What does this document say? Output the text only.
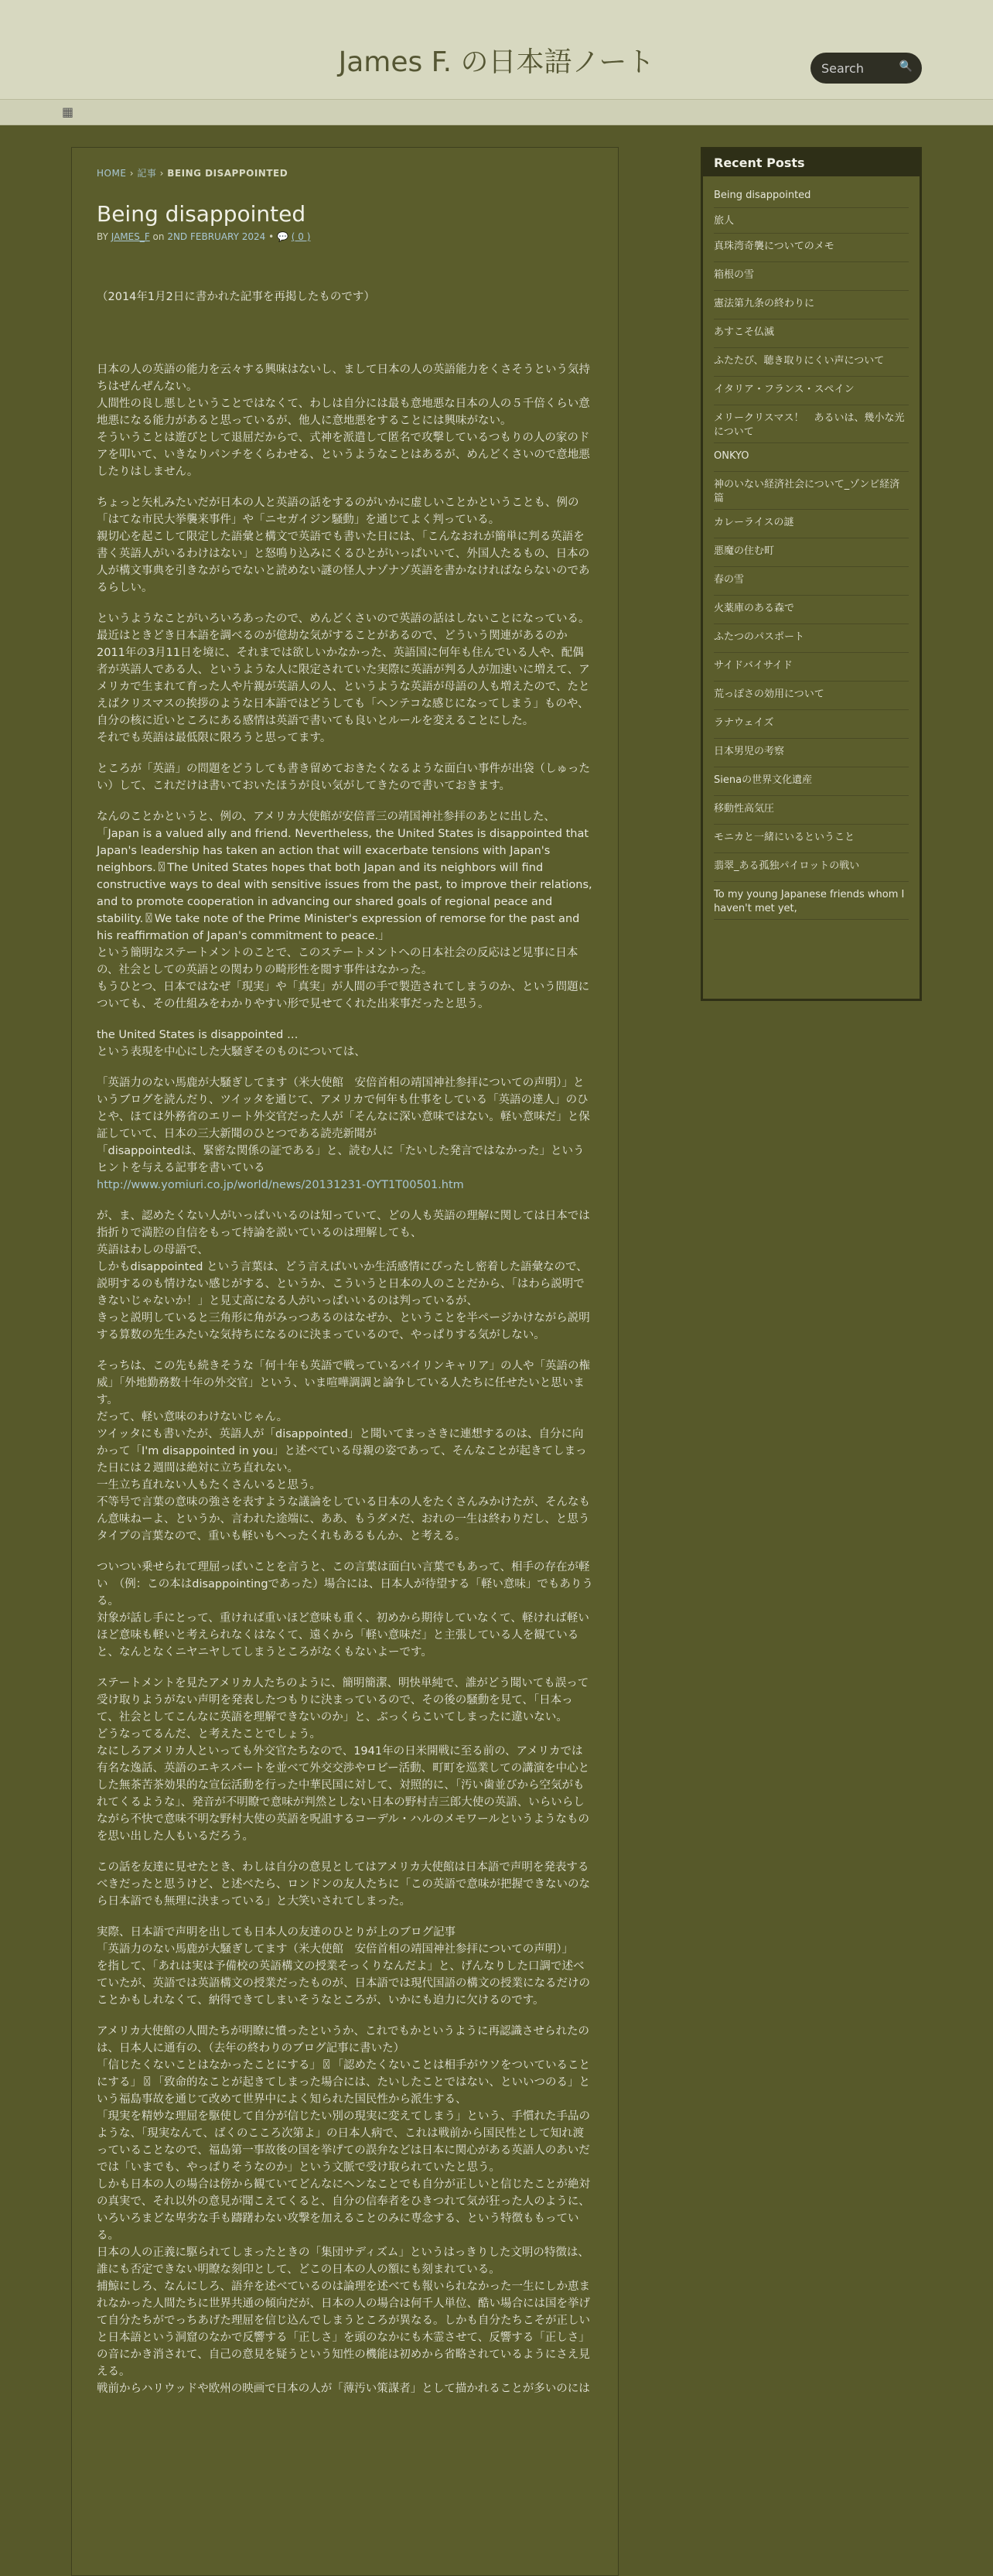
James F. の日本語ノート
Search	🔍
▦
HOME › 記事 › BEING DISAPPOINTED
Being disappointed
BY JAMES_F on 2ND FEBRUARY 2024 • 💬 ( 0 )

（2014年1月2日に書かれた記事を再掲したものです）

日本の人の英語の能力を云々する興味はないし、まして日本の人の英語能力をくさそうという気持ちはぜんぜんない。
人間性の良し悪しということではなくて、わしは自分には最も意地悪な日本の人の５千倍くらい意地悪になる能力があると思っているが、他人に意地悪をすることには興味がない。
そういうことは遊びとして退屈だからで、式神を派遣して匿名で攻撃しているつもりの人の家のドアを叩いて、いきなりパンチをくらわせる、というようなことはあるが、めんどくさいので意地悪したりはしません。

ちょっと矢札みたいだが日本の人と英語の話をするのがいかに虚しいことかということも、例の「はてな市民大挙襲来事件」や「ニセガイジン騒動」を通じてよく判っている。
親切心を起こして限定した語彙と構文で英語でも書いた日には、「こんなおれが簡単に判る英語を書く英語人がいるわけはない」と怒鳴り込みにくるひとがいっぱいいて、外国人たるもの、日本の人が構文事典を引きながらでないと読めない謎の怪人ナゾナゾ英語を書かなければならないのであるらしい。

というようなことがいろいろあったので、めんどくさいので英語の話はしないことになっている。
最近はときどき日本語を調べるのが億劫な気がすることがあるので、どういう関連があるのか2011年の3月11日を境に、それまでは欲しいかなかった、英語国に何年も住んでいる人や、配偶者が英語人である人、というような人に限定されていた実際に英語が判る人が加速いに増えて、アメリカで生まれて育った人や片親が英語人の人、というような英語が母語の人も増えたので、たとえばクリスマスの挨拶のような日本語ではどうしても「ヘンテコな感じになってしまう」ものや、自分の核に近いところにある感情は英語で書いても良いとルールを変えることにした。
それでも英語は最低限に限ろうと思ってます。

ところが「英語」の問題をどうしても書き留めておきたくなるような面白い事件が出袋（しゅったい）して、これだけは書いておいたほうが良い気がしてきたので書いておきます。

なんのことかというと、例の、アメリカ大使館が安倍晋三の靖国神社参拝のあとに出した、
「Japan is a valued ally and friend. Nevertheless, the United States is disappointed that Japan's leadership has taken an action that will exacerbate tensions with Japan's neighbors.〿The United States hopes that both Japan and its neighbors will find constructive ways to deal with sensitive issues from the past, to improve their relations, and to promote cooperation in advancing our shared goals of regional peace and stability.〿We take note of the Prime Minister's expression of remorse for the past and his reaffirmation of Japan's commitment to peace.」
という簡明なステートメントのことで、このステートメントへの日本社会の反応はど見事に日本の、社会としての英語との関わりの畸形性を閲す事件はなかった。
もうひとつ、日本ではなぜ「現実」や「真実」が人間の手で製造されてしまうのか、という問題についても、その仕組みをわかりやすい形で見せてくれた出来事だったと思う。

the United States is disappointed …
という表現を中心にした大騒ぎそのものについては、

「英語力のない馬鹿が大騒ぎしてます（米大使館　安倍首相の靖国神社参拝についての声明）」というブログを読んだり、ツイッタを通じて、アメリカで何年も仕事をしている「英語の達人」のひとや、ほては外務省のエリート外交官だった人が「そんなに深い意味ではない。軽い意味だ」と保証していて、日本の三大新聞のひとつである読売新聞が
「disappointedは、緊密な関係の証である」と、読む人に「たいした発言ではなかった」というヒントを与える記事を書いている
http://www.yomiuri.co.jp/world/news/20131231-OYT1T00501.htm

が、ま、認めたくない人がいっぱいいるのは知っていて、どの人も英語の理解に関しては日本では指折りで満腔の自信をもって持論を説いているのは理解しても、
英語はわしの母語で、
しかもdisappointed という言葉は、どう言えばいいか生活感情にぴったし密着した語彙なので、説明するのも情けない感じがする、というか、こういうと日本の人のことだから、「はわら説明できないじゃないか！」と見丈高になる人がいっぱいいるのは判っているが、
きっと説明していると三角形に角がみっつあるのはなぜか、ということを半ページかけながら説明する算数の先生みたいな気持ちになるのに決まっているので、やっぱりする気がしない。

そっちは、この先も続きそうな「何十年も英語で戦っているバイリンキャリア」の人や「英語の権威」「外地勤務数十年の外交官」という、いま喧嘩調調と論争している人たちに任せたいと思います。
だって、軽い意味のわけないじゃん。
ツイッタにも書いたが、英語人が「disappointed」と聞いてまっさきに連想するのは、自分に向かって「I'm disappointed in you」と述べている母親の姿であって、そんなことが起きてしまった日には２週間は絶対に立ち直れない。
一生立ち直れない人もたくさんいると思う。
不等号で言葉の意味の強さを表すような議論をしている日本の人をたくさんみかけたが、そんなもん意味ねーよ、というか、言われた途端に、ああ、もうダメだ、おれの一生は終わりだし、と思うタイプの言葉なので、重いも軽いもへったくれもあるもんか、と考える。

ついつい乗せられて理屈っぽいことを言うと、この言葉は面白い言葉でもあって、相手の存在が軽い　（例：この本はdisappointingであった）場合には、日本人が待望する「軽い意味」でもありうる。
対象が話し手にとって、重ければ重いほど意味も重く、初めから期待していなくて、軽ければ軽いほど意味も軽いと考えられなくはなくて、遠くから「軽い意味だ」と主張している人を観ていると、なんとなくニヤニヤしてしまうところがなくもないよーです。

ステートメントを見たアメリカ人たちのように、簡明簡潔、明快単純で、誰がどう聞いても誤って受け取りようがない声明を発表したつもりに決まっているので、その後の騒動を見て、「日本って、社会としてこんなに英語を理解できないのか」と、ぶっくらこいてしまったに違いない。
どうなってるんだ、と考えたことでしょう。
なにしろアメリカ人といっても外交官たちなので、1941年の日米開戦に至る前の、アメリカでは有名な逸話、英語のエキスパートを並べて外交交渉やロビー活動、町町を巡業しての講演を中心とした無茶苦茶効果的な宣伝活動を行った中華民国に対して、対照的に、「汚い歯並びから空気がもれてくるような」、発音が不明瞭で意味が判然としない日本の野村吉三郎大使の英語、いらいらしながら不快で意味不明な野村大使の英語を呪詛するコーデル・ハルのメモワールというようなものを思い出した人もいるだろう。

この話を友達に見せたとき、わしは自分の意見としてはアメリカ大使館は日本語で声明を発表するべきだったと思うけど、と述べたら、ロンドンの友人たちに「この英語で意味が把握できないのなら日本語でも無理に決まっている」と大笑いされてしまった。

実際、日本語で声明を出しても日本人の友達のひとりが上のブログ記事
「英語力のない馬鹿が大騒ぎしてます（米大使館　安倍首相の靖国神社参拝についての声明）」
を指して、「あれは実は予備校の英語構文の授業そっくりなんだよ」と、げんなりした口調で述べていたが、英語では英語構文の授業だったものが、日本語では現代国語の構文の授業になるだけのことかもしれなくて、納得できてしまいそうなところが、いかにも迫力に欠けるのです。

アメリカ大使館の人間たちが明瞭に憤ったというか、これでもかというように再認識させられたのは、日本人に通有の、（去年の終わりのブログ記事に書いた）
「信じたくないことはなかったことにする」〿「認めたくないことは相手がウソをついていることにする」〿「致命的なことが起きてしまった場合には、たいしたことではない、といいつのる」という福島事故を通じて改めて世界中によく知られた国民性から派生する、
「現実を精妙な理屈を駆使して自分が信じたい別の現実に変えてしまう」という、手慣れた手品のような、「現実なんて、ばくのこころ次第よ」の日本人病で、これは戦前から国民性として知れ渡っていることなので、福島第一事故後の国を挙げての誤弁などは日本に関心がある英語人のあいだでは「いまでも、やっぱりそうなのか」という文脈で受け取られていたと思う。
しかも日本の人の場合は傍から観ていてどんなにヘンなことでも自分が正しいと信じたことが絶対の真実で、それ以外の意見が聞こえてくると、自分の信奉者をひきつれて気が狂った人のように、いろいろまどな卑劣な手も躊躇わない攻撃を加えることのみに専念する、という特徴ももっている。
日本の人の正義に駆られてしまったときの「集団サディズム」というはっきりした文明の特徴は、誰にも否定できない明瞭な刻印として、どこの日本の人の額にも刻まれている。
捕鯨にしろ、なんにしろ、語弁を述べているのは論理を述べても報いられなかった一生にしか恵まれなかった人間たちに世界共通の傾向だが、日本の人の場合は何千人単位、酷い場合には国を挙げて自分たちがでっちあげた理屈を信じ込んでしまうところが異なる。しかも自分たちこそが正しいと日本語という洞窟のなかで反響する「正しさ」を頭のなかにも木霊させて、反響する「正しさ」の音にかき消されて、自己の意見を疑うという知性の機能は初めから省略されているようにさえ見える。
戦前からハリウッドや欧州の映画で日本の人が「薄汚い策謀者」として描かれることが多いのには

Recent Posts
Being disappointed
旅人
真珠湾奇襲についてのメモ
箱根の雪
憲法第九条の終わりに
あすこそ仏滅
ふたたび、聴き取りにくい声について
イタリア・フランス・スペイン
メリークリスマス！　あるいは、幾小な光について
ONKYO
神のいない経済社会について_ゾンビ経済篇
カレーライスの謎
悪魔の住む町
春の雪
火薬庫のある森で
ふたつのパスポート
サイドバイサイド
荒っぽさの効用について
ラナウェイズ
日本男児の考察
Sienaの世界文化遺産
移動性高気圧
モニカと一緒にいるということ
翡翠_ある孤独パイロットの戦い
To my young Japanese friends whom I haven't met yet,
